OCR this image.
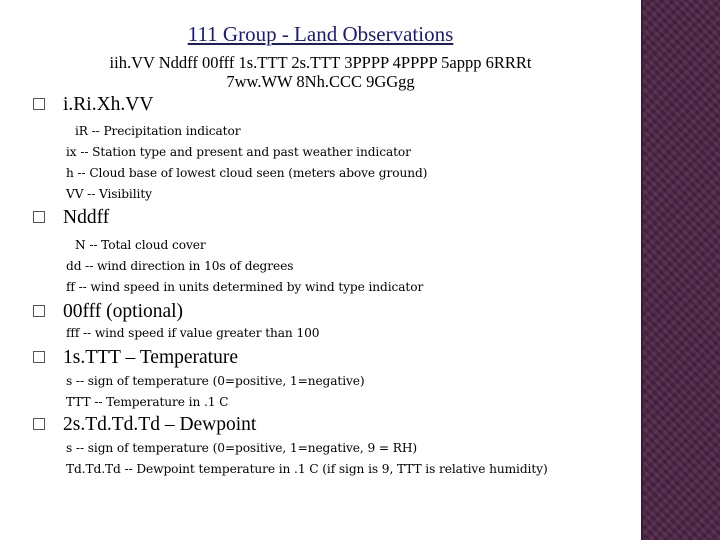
111 Group - Land Observations
iih.VV Nddff 00fff 1s.TTT 2s.TTT 3PPPP 4PPPP 5appp 6RRRt
7ww.WW 8Nh.CCC 9GGgg
i.Ri.Xh.VV
iR -- Precipitation indicator
ix -- Station type and present and past weather indicator
h -- Cloud base of lowest cloud seen (meters above ground)
VV -- Visibility
Nddff
N -- Total cloud cover
dd -- wind direction in 10s of degrees
ff -- wind speed in units determined by wind type indicator
00fff (optional)
fff -- wind speed if value greater than 100
1s.TTT – Temperature
s -- sign of temperature (0=positive, 1=negative)
TTT -- Temperature in .1 C
2s.Td.Td.Td – Dewpoint
s -- sign of temperature (0=positive, 1=negative, 9 = RH)
Td.Td.Td -- Dewpoint temperature in .1 C (if sign is 9, TTT is relative humidity)
